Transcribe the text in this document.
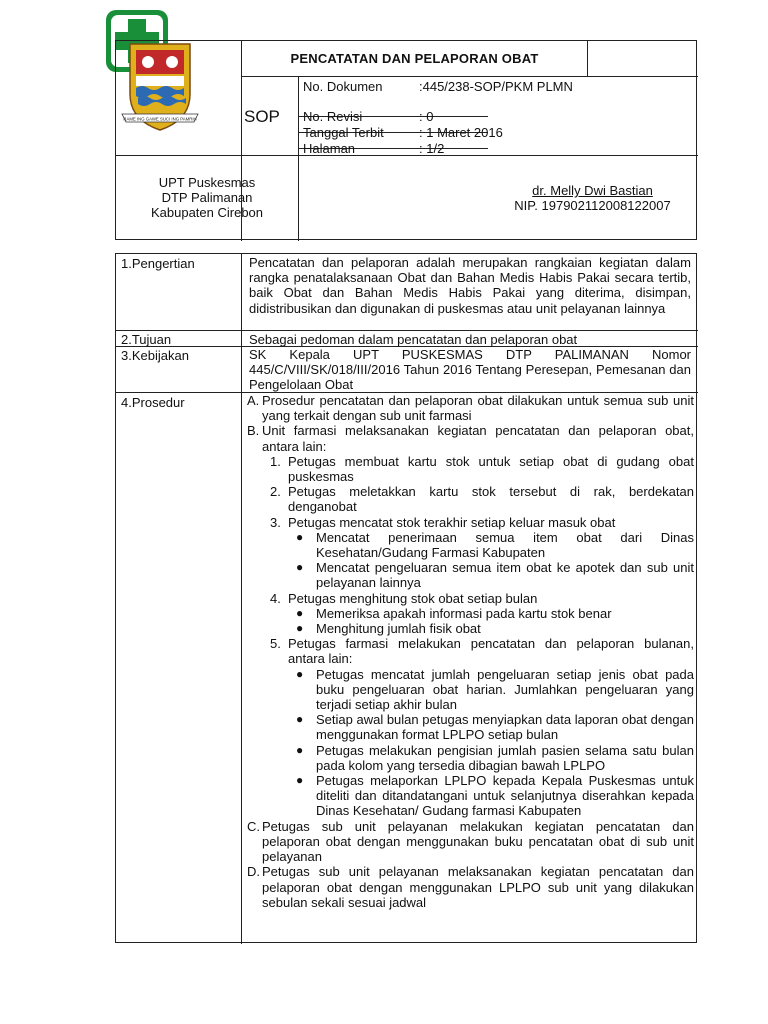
RAME ING GAWE SUCI ING PAMRIH
PENCATATAN DAN PELAPORAN OBAT
SOP
No. Dokumen	:445/238-SOP/PKM PLMN
No. Revisi	: 0
Tanggal Terbit	: 1 Maret 2016
Halaman	: 1/2
UPT Puskesmas
DTP Palimanan
Kabupaten Cirebon
dr. Melly Dwi Bastian
NIP. 197902112008122007
1.Pengertian	Pencatatan dan pelaporan adalah merupakan rangkaian kegiatan dalam rangka penatalaksanaan Obat dan Bahan Medis Habis Pakai secara tertib, baik Obat dan Bahan Medis Habis Pakai yang diterima, disimpan, didistribusikan dan digunakan di puskesmas atau unit pelayanan lainnya
2.Tujuan	Sebagai pedoman dalam pencatatan dan pelaporan obat
3.Kebijakan	SK Kepala UPT PUSKESMAS DTP PALIMANAN Nomor 445/C/VIII/SK/018/III/2016 Tahun 2016 Tentang Peresepan, Pemesanan dan Pengelolaan Obat
4.Prosedur	A. Prosedur pencatatan dan pelaporan obat dilakukan untuk semua sub unit yang terkait dengan sub unit farmasi
B. Unit farmasi melaksanakan kegiatan pencatatan dan pelaporan obat, antara lain:
1. Petugas membuat kartu stok untuk setiap obat di gudang obat puskesmas
2. Petugas meletakkan kartu stok tersebut di rak, berdekatan denganobat
3. Petugas mencatat stok terakhir setiap keluar masuk obat
● Mencatat penerimaan semua item obat dari Dinas Kesehatan/Gudang Farmasi Kabupaten
● Mencatat pengeluaran semua item obat ke apotek dan sub unit pelayanan lainnya
4. Petugas menghitung stok obat setiap bulan
● Memeriksa apakah informasi pada kartu stok benar
● Menghitung jumlah fisik obat
5. Petugas farmasi melakukan pencatatan dan pelaporan bulanan, antara lain:
● Petugas mencatat jumlah pengeluaran setiap jenis obat pada buku pengeluaran obat harian. Jumlahkan pengeluaran yang terjadi setiap akhir bulan
● Setiap awal bulan petugas menyiapkan data laporan obat dengan menggunakan format LPLPO setiap bulan
● Petugas melakukan pengisian jumlah pasien selama satu bulan pada kolom yang tersedia dibagian bawah LPLPO
● Petugas melaporkan LPLPO kepada Kepala Puskesmas untuk diteliti dan ditandatangani untuk selanjutnya diserahkan kepada Dinas Kesehatan/ Gudang farmasi Kabupaten
C. Petugas sub unit pelayanan melakukan kegiatan pencatatan dan pelaporan obat dengan menggunakan buku pencatatan obat di sub unit pelayanan
D. Petugas sub unit pelayanan melaksanakan kegiatan pencatatan dan pelaporan obat dengan menggunakan LPLPO sub unit yang dilakukan sebulan sekali sesuai jadwal
